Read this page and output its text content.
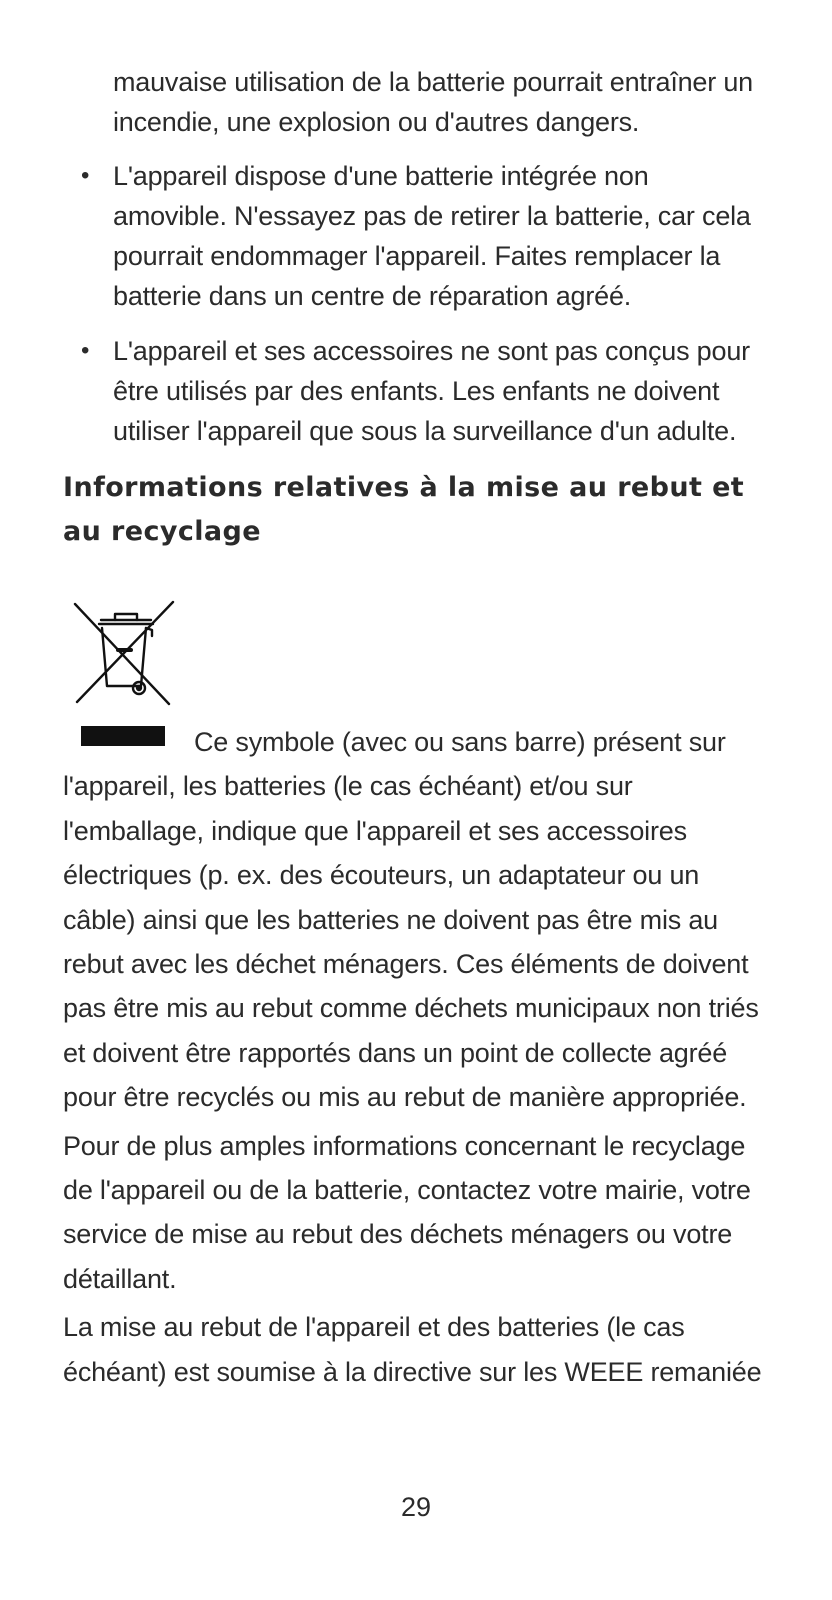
mauvaise utilisation de la batterie pourrait entraîner un incendie, une explosion ou d'autres dangers.

• L'appareil dispose d'une batterie intégrée non amovible. N'essayez pas de retirer la batterie, car cela pourrait endommager l'appareil. Faites remplacer la batterie dans un centre de réparation agréé.
• L'appareil et ses accessoires ne sont pas conçus pour être utilisés par des enfants. Les enfants ne doivent utiliser l'appareil que sous la surveillance d'un adulte.
Informations relatives à la mise au rebut et au recyclage

Ce symbole (avec ou sans barre) présent sur l'appareil, les batteries (le cas échéant) et/ou sur l'emballage, indique que l'appareil et ses accessoires électriques (p. ex. des écouteurs, un adaptateur ou un câble) ainsi que les batteries ne doivent pas être mis au rebut avec les déchet ménagers. Ces éléments de doivent pas être mis au rebut comme déchets municipaux non triés et doivent être rapportés dans un point de collecte agréé pour être recyclés ou mis au rebut de manière appropriée.

Pour de plus amples informations concernant le recyclage de l'appareil ou de la batterie, contactez votre mairie, votre service de mise au rebut des déchets ménagers ou votre détaillant.

La mise au rebut de l'appareil et des batteries (le cas échéant) est soumise à la directive sur les WEEE remaniée

29
